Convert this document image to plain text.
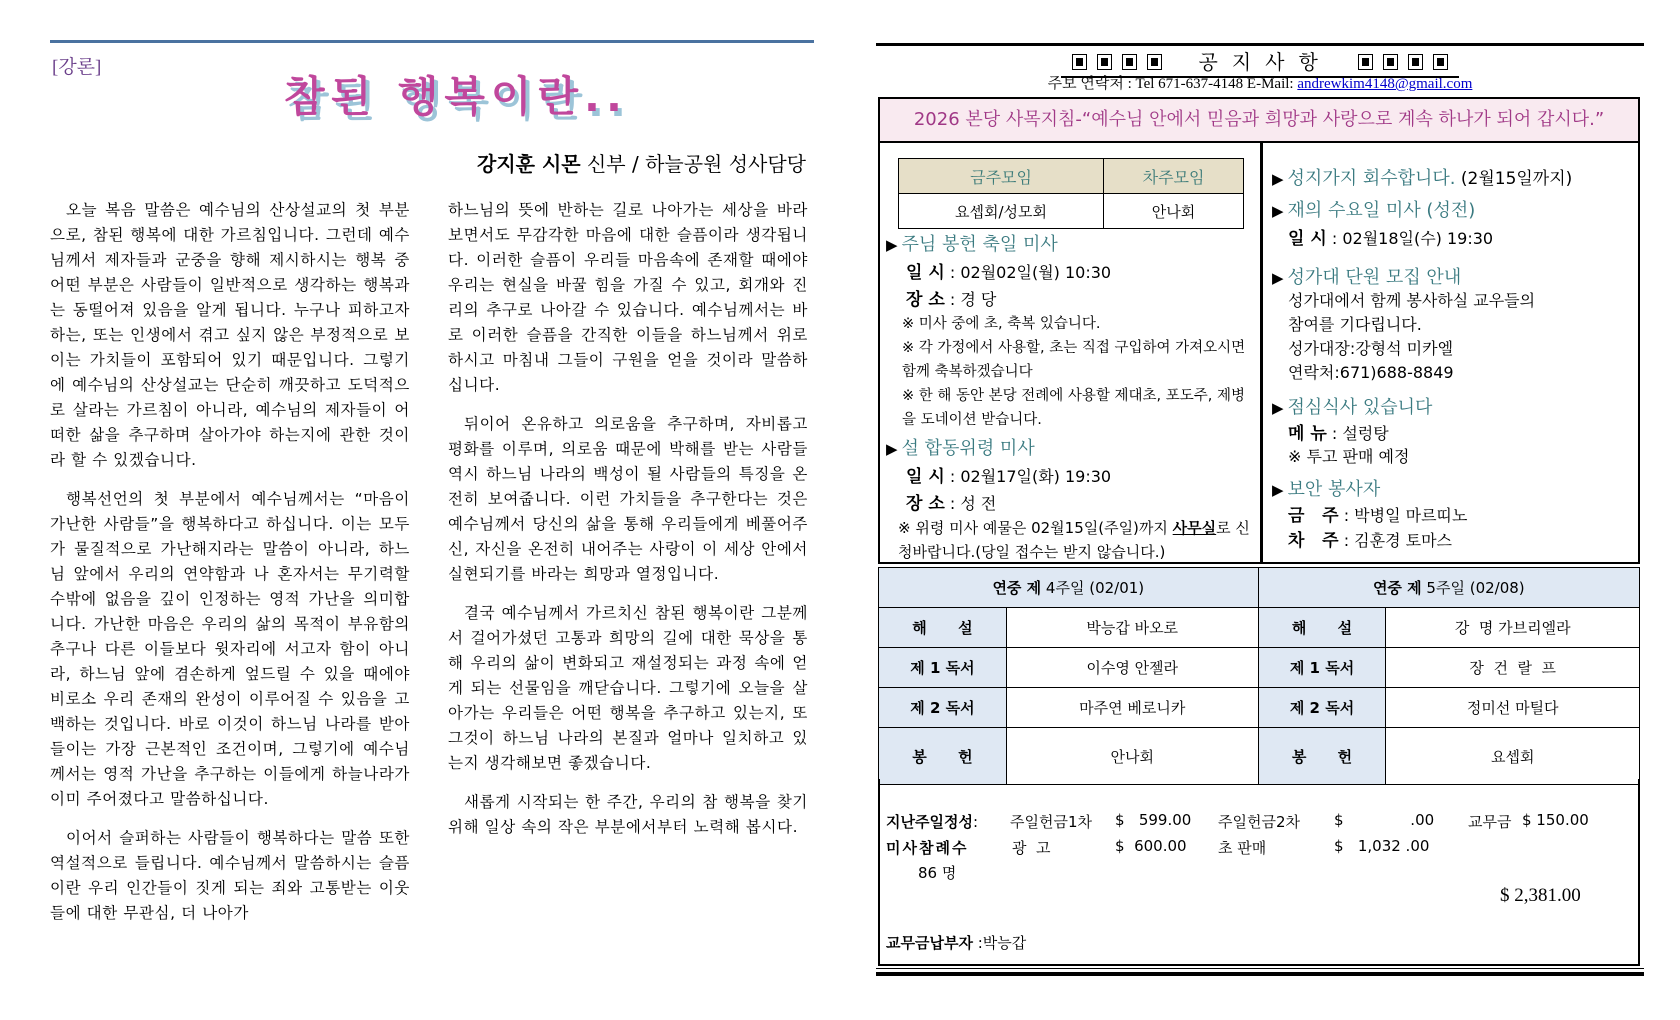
[강론]
참된 행복이란..
강지훈 시몬 신부 / 하늘공원 성사담당

오늘 복음 말씀은 예수님의 산상설교의 첫 부분으로, 참된 행복에 대한 가르침입니다. 그런데 예수님께서 제자들과 군중을 향해 제시하시는 행복 중 어떤 부분은 사람들이 일반적으로 생각하는 행복과는 동떨어져 있음을 알게 됩니다. 누구나 피하고자 하는, 또는 인생에서 겪고 싶지 않은 부정적으로 보이는 가치들이 포함되어 있기 때문입니다. 그렇기에 예수님의 산상설교는 단순히 깨끗하고 도덕적으로 살라는 가르침이 아니라, 예수님의 제자들이 어떠한 삶을 추구하며 살아가야 하는지에 관한 것이라 할 수 있겠습니다.

행복선언의 첫 부분에서 예수님께서는 “마음이 가난한 사람들”을 행복하다고 하십니다. 이는 모두가 물질적으로 가난해지라는 말씀이 아니라, 하느님 앞에서 우리의 연약함과 나 혼자서는 무기력할 수밖에 없음을 깊이 인정하는 영적 가난을 의미합니다. 가난한 마음은 우리의 삶의 목적이 부유함의 추구나 다른 이들보다 윗자리에 서고자 함이 아니라, 하느님 앞에 겸손하게 엎드릴 수 있을 때에야 비로소 우리 존재의 완성이 이루어질 수 있음을 고백하는 것입니다. 바로 이것이 하느님 나라를 받아들이는 가장 근본적인 조건이며, 그렇기에 예수님께서는 영적 가난을 추구하는 이들에게 하늘나라가 이미 주어졌다고 말씀하십니다.

이어서 슬퍼하는 사람들이 행복하다는 말씀 또한 역설적으로 들립니다. 예수님께서 말씀하시는 슬픔이란 우리 인간들이 짓게 되는 죄와 고통받는 이웃들에 대한 무관심, 더 나아가

하느님의 뜻에 반하는 길로 나아가는 세상을 바라보면서도 무감각한 마음에 대한 슬픔이라 생각됩니다. 이러한 슬픔이 우리들 마음속에 존재할 때에야 우리는 현실을 바꿀 힘을 가질 수 있고, 회개와 진리의 추구로 나아갈 수 있습니다. 예수님께서는 바로 이러한 슬픔을 간직한 이들을 하느님께서 위로하시고 마침내 그들이 구원을 얻을 것이라 말씀하십니다.

뒤이어 온유하고 의로움을 추구하며, 자비롭고 평화를 이루며, 의로움 때문에 박해를 받는 사람들 역시 하느님 나라의 백성이 될 사람들의 특징을 온전히 보여줍니다. 이런 가치들을 추구한다는 것은 예수님께서 당신의 삶을 통해 우리들에게 베풀어주신, 자신을 온전히 내어주는 사랑이 이 세상 안에서 실현되기를 바라는 희망과 열정입니다.

결국 예수님께서 가르치신 참된 행복이란 그분께서 걸어가셨던 고통과 희망의 길에 대한 묵상을 통해 우리의 삶이 변화되고 재설정되는 과정 속에 얻게 되는 선물임을 깨닫습니다. 그렇기에 오늘을 살아가는 우리들은 어떤 행복을 추구하고 있는지, 또 그것이 하느님 나라의 본질과 얼마나 일치하고 있는지 생각해보면 좋겠습니다.

새롭게 시작되는 한 주간, 우리의 참 행복을 찾기 위해 일상 속의 작은 부분에서부터 노력해 봅시다.

공지사항
주보 연락처 : Tel 671-637-4148 E-Mail: andrewkim4148@gmail.com
2026 본당 사목지침-“예수님 안에서 믿음과 희망과 사랑으로 계속 하나가 되어 갑시다.”
금주모임	차주모임
요셉회/성모회	안나회
▶ 주님 봉헌 축일 미사
일 시 : 02월02일(월) 10:30
장 소 : 경 당
※ 미사 중에 초, 축복 있습니다.
※ 각 가정에서 사용할, 초는 직접 구입하여 가져오시면 함께 축복하겠습니다
※ 한 해 동안 본당 전례에 사용할 제대초, 포도주, 제병을 도네이션 받습니다.
▶ 설 합동위령 미사
일 시 : 02월17일(화) 19:30
장 소 : 성 전
※ 위령 미사 예물은 02월15일(주일)까지 사무실로 신청바랍니다.(당일 접수는 받지 않습니다.)
▶ 성지가지 회수합니다. (2월15일까지)
▶ 재의 수요일 미사 (성전)
일 시 : 02월18일(수) 19:30
▶ 성가대 단원 모집 안내
성가대에서 함께 봉사하실 교우들의
참여를 기다립니다.
성가대장:강형석 미카엘
연락처:671)688-8849
▶ 점심식사 있습니다
메 뉴 : 설렁탕
※ 투고 판매 예정
▶ 보안 봉사자
금   주 : 박병일 마르띠노
차   주 : 김훈경 토마스
연중 제 4주일 (02/01)		연중 제 5주일 (02/08)	
해      설	박능갑 바오로	해      설	강  명 가브리엘라
제 1 독서	이수영 안젤라	제 1 독서	장  건  랄  프
제 2 독서	마주연 베로니카	제 2 독서	정미선 마틸다
봉      헌	안나회	봉      헌	요셉회
지난주일정성: 주일헌금1차 $   599.00 주일헌금2차 $              .00 교무금 $ 150.00
미사참례수	광  고	$  600.00 초 판매	$   1,032 .00
86 명
$ 2,381.00
교무금납부자 :박능갑
